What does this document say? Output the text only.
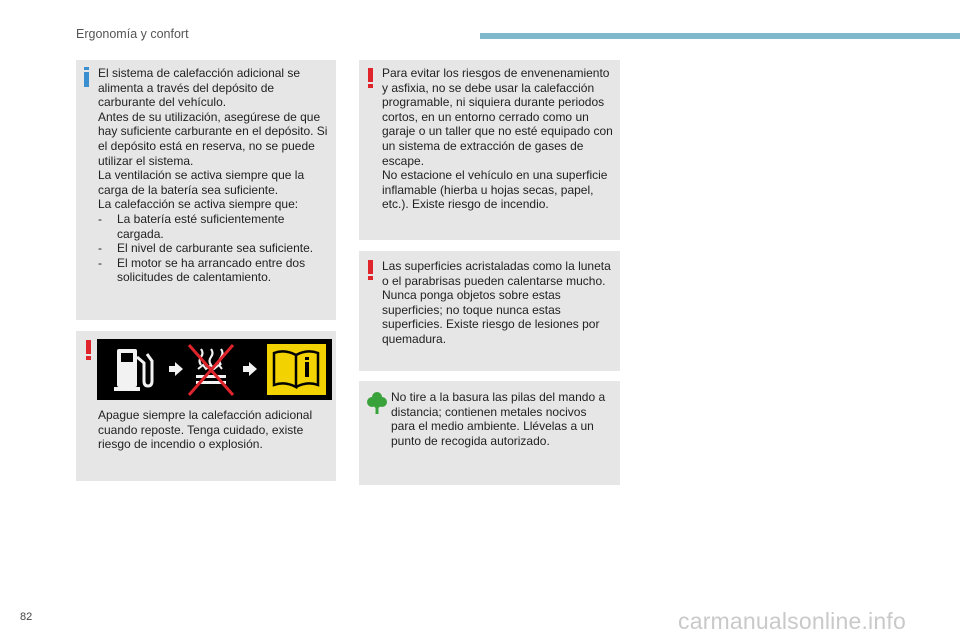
Ergonomía y confort

El sistema de calefacción adicional se alimenta a través del depósito de carburante del vehículo.

Antes de su utilización, asegúrese de que hay suficiente carburante en el depósito. Si el depósito está en reserva, no se puede utilizar el sistema.

La ventilación se activa siempre que la carga de la batería sea suficiente.

La calefacción se activa siempre que:

-	La batería esté suficientemente cargada.
-	El nivel de carburante sea suficiente.
-	El motor se ha arrancado entre dos solicitudes de calentamiento.
Apague siempre la calefacción adicional cuando reposte. Tenga cuidado, existe riesgo de incendio o explosión.

Para evitar los riesgos de envenenamiento y asfixia, no se debe usar la calefacción programable, ni siquiera durante periodos cortos, en un entorno cerrado como un garaje o un taller que no esté equipado con un sistema de extracción de gases de escape.

No estacione el vehículo en una superficie inflamable (hierba u hojas secas, papel, etc.). Existe riesgo de incendio.

Las superficies acristaladas como la luneta o el parabrisas pueden calentarse mucho.

Nunca ponga objetos sobre estas superficies; no toque nunca estas superficies. Existe riesgo de lesiones por quemadura.

No tire a la basura las pilas del mando a distancia; contienen metales nocivos para el medio ambiente. Llévelas a un punto de recogida autorizado.
82	carmanualsonline.info
